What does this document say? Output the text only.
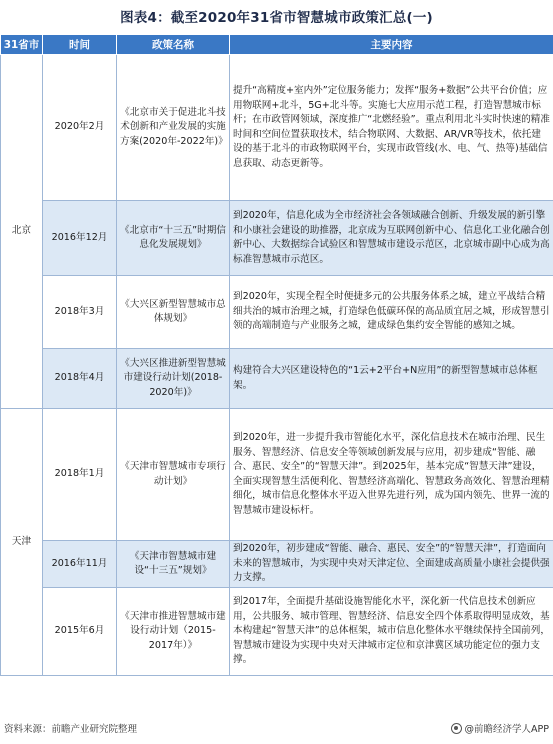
图表4：截至2020年31省市智慧城市政策汇总(一)
31省市	时间	政策名称	主要内容
北京	2020年2月	《北京市关于促进北斗技术创新和产业发展的实施方案(2020年-2022年)》	提升“高精度+室内外”定位服务能力；发挥“服务+数据”公共平台价值；应用物联网+北斗，5G+北斗等。实施七大应用示范工程，打造智慧城市标杆；在市政管网领域，深度推广“北燃经验”。重点利用北斗实时快速的精准时间和空间位置获取技术，结合物联网、大数据、AR/VR等技术，依托建设的基于北斗的市政物联网平台，实现市政管线(水、电、气、热等)基础信息获取、动态更新等。
	2016年12月	《北京市“十三五”时期信息化发展规划》	到2020年，信息化成为全市经济社会各领域融合创新、升级发展的新引擎和小康社会建设的助推器，北京成为互联网创新中心、信息化工业化融合创新中心、大数据综合试验区和智慧城市建设示范区，北京城市副中心成为高标准智慧城市示范区。
	2018年3月	《大兴区新型智慧城市总体规划》	到2020年，实现全程全时便捷多元的公共服务体系之城，建立平战结合精细共治的城市治理之城，打造绿色低碳环保的高品质宜居之城，形成智慧引领的高端制造与产业服务之城，建成绿色集约安全智能的感知之城。
	2018年4月	《大兴区推进新型智慧城市建设行动计划(2018-2020年)》	构建符合大兴区建设特色的“1云+2平台+N应用”的新型智慧城市总体框架。
天津	2018年1月	《天津市智慧城市专项行动计划》	到2020年，进一步提升我市智能化水平，深化信息技术在城市治理、民生服务、智慧经济、信息安全等领域创新发展与应用，初步建成“智能、融合、惠民、安全”的“智慧天津”。到2025年，基本完成“智慧天津”建设，全面实现智慧生活便利化、智慧经济高端化、智慧政务高效化、智慧治理精细化，城市信息化整体水平迈入世界先进行列，成为国内领先、世界一流的智慧城市建设标杆。
	2016年11月	《天津市智慧城市建设“十三五”规划》	到2020年，初步建成“智能、融合、惠民、安全”的“智慧天津”，打造面向未来的智慧城市，为实现中央对天津定位、全面建成高质量小康社会提供强力支撑。
	2015年6月	《天津市推进智慧城市建设行动计划（2015-2017年）》	到2017年，全面提升基础设施智能化水平，深化新一代信息技术创新应用，公共服务、城市管理、智慧经济、信息安全四个体系取得明显成效，基本构建起“智慧天津”的总体框架，城市信息化整体水平继续保持全国前列，智慧城市建设为实现中央对天津城市定位和京津冀区域功能定位的强力支撑。
资料来源：前瞻产业研究院整理	@前瞻经济学人APP
